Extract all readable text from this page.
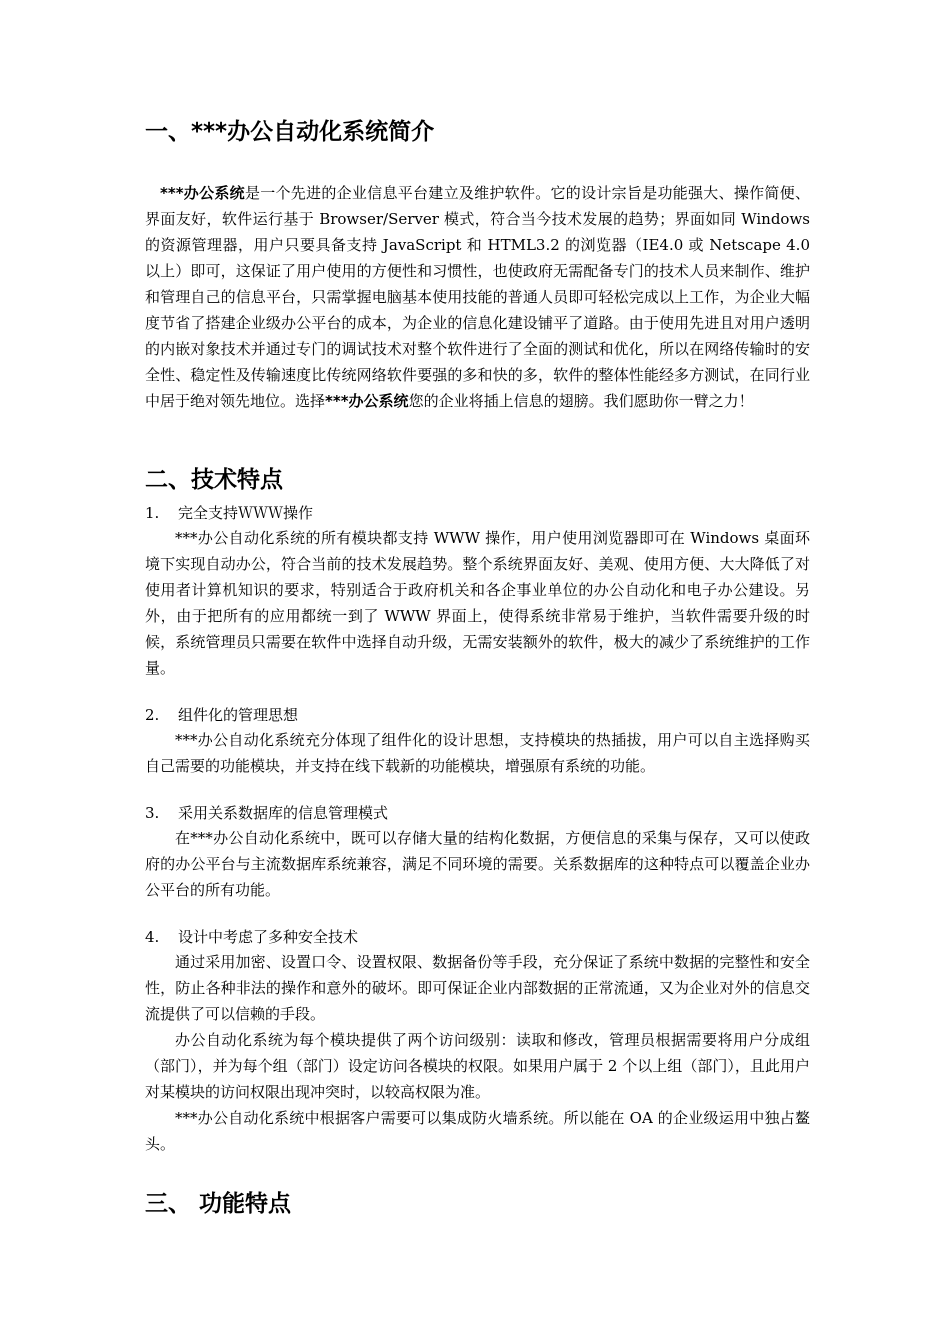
一、***办公自动化系统简介

***办公系统是一个先进的企业信息平台建立及维护软件。它的设计宗旨是功能强大、操作简便、界面友好，软件运行基于 Browser/Server 模式，符合当今技术发展的趋势；界面如同 Windows 的资源管理器，用户只要具备支持 JavaScript 和 HTML3.2 的浏览器（IE4.0 或 Netscape 4.0 以上）即可，这保证了用户使用的方便性和习惯性，也使政府无需配备专门的技术人员来制作、维护和管理自己的信息平台，只需掌握电脑基本使用技能的普通人员即可轻松完成以上工作，为企业大幅度节省了搭建企业级办公平台的成本，为企业的信息化建设铺平了道路。由于使用先进且对用户透明的内嵌对象技术并通过专门的调试技术对整个软件进行了全面的测试和优化，所以在网络传输时的安全性、稳定性及传输速度比传统网络软件要强的多和快的多，软件的整体性能经多方测试，在同行业中居于绝对领先地位。选择***办公系统您的企业将插上信息的翅膀。我们愿助你一臂之力！

二、技术特点
1.	完全支持ＷＷＷ操作

***办公自动化系统的所有模块都支持 WWW 操作，用户使用浏览器即可在 Windows 桌面环境下实现自动办公，符合当前的技术发展趋势。整个系统界面友好、美观、使用方便、大大降低了对使用者计算机知识的要求，特别适合于政府机关和各企事业单位的办公自动化和电子办公建设。另外，由于把所有的应用都统一到了 WWW 界面上，使得系统非常易于维护，当软件需要升级的时候，系统管理员只需要在软件中选择自动升级，无需安装额外的软件，极大的减少了系统维护的工作量。

2.	组件化的管理思想

***办公自动化系统充分体现了组件化的设计思想，支持模块的热插拔，用户可以自主选择购买自己需要的功能模块，并支持在线下载新的功能模块，增强原有系统的功能。

3.	采用关系数据库的信息管理模式

在***办公自动化系统中，既可以存储大量的结构化数据，方便信息的采集与保存，又可以使政府的办公平台与主流数据库系统兼容，满足不同环境的需要。关系数据库的这种特点可以覆盖企业办公平台的所有功能。

4.	设计中考虑了多种安全技术

通过采用加密、设置口令、设置权限、数据备份等手段，充分保证了系统中数据的完整性和安全性，防止各种非法的操作和意外的破坏。即可保证企业内部数据的正常流通，又为企业对外的信息交流提供了可以信赖的手段。

办公自动化系统为每个模块提供了两个访问级别：读取和修改，管理员根据需要将用户分成组（部门），并为每个组（部门）设定访问各模块的权限。如果用户属于 2 个以上组（部门），且此用户对某模块的访问权限出现冲突时，以较高权限为准。

***办公自动化系统中根据客户需要可以集成防火墙系统。所以能在 OA 的企业级运用中独占鳌头。

三、 功能特点
